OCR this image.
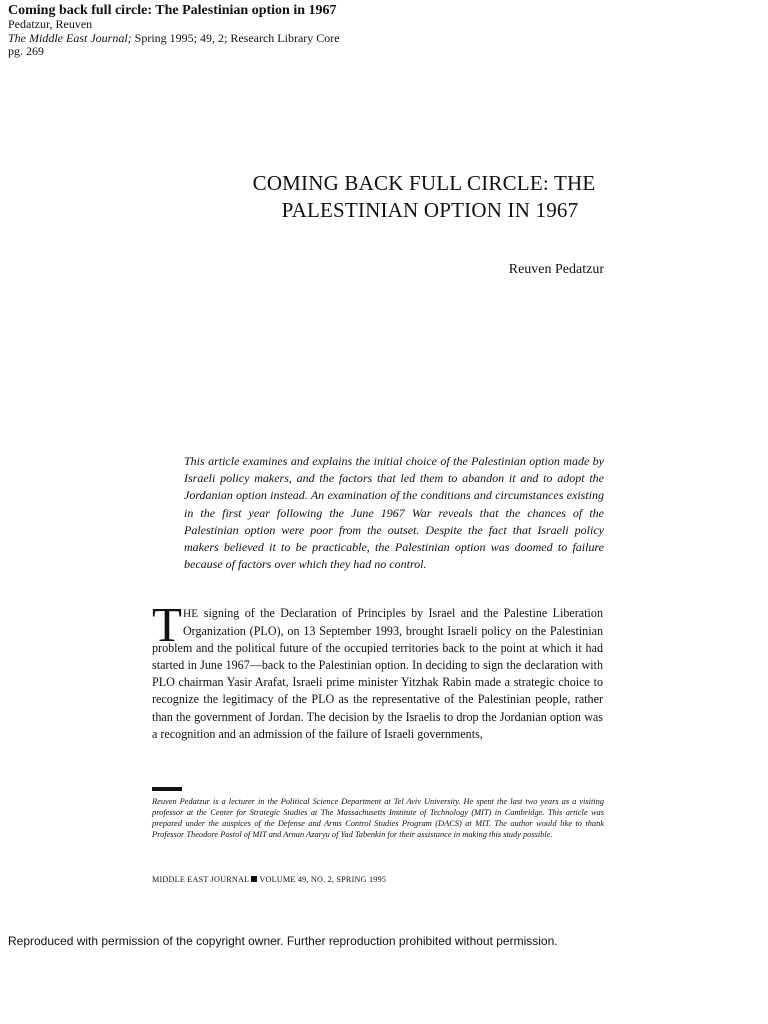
Coming back full circle: The Palestinian option in 1967
Pedatzur, Reuven
The Middle East Journal; Spring 1995; 49, 2; Research Library Core
pg. 269
COMING BACK FULL CIRCLE: THE
PALESTINIAN OPTION IN 1967
Reuven Pedatzur
This article examines and explains the initial choice of the Palestinian option made by Israeli policy makers, and the factors that led them to abandon it and to adopt the Jordanian option instead. An examination of the conditions and circumstances existing in the first year following the June 1967 War reveals that the chances of the Palestinian option were poor from the outset. Despite the fact that Israeli policy makers believed it to be practicable, the Palestinian option was doomed to failure because of factors over which they had no control.
THE signing of the Declaration of Principles by Israel and the Palestine Liberation Organization (PLO), on 13 September 1993, brought Israeli policy on the Palestinian problem and the political future of the occupied territories back to the point at which it had started in June 1967—back to the Palestinian option. In deciding to sign the declaration with PLO chairman Yasir Arafat, Israeli prime minister Yitzhak Rabin made a strategic choice to recognize the legitimacy of the PLO as the representative of the Palestinian people, rather than the government of Jordan. The decision by the Israelis to drop the Jordanian option was a recognition and an admission of the failure of Israeli governments,
Reuven Pedatzur is a lecturer in the Political Science Department at Tel Aviv University. He spent the last two years as a visiting professor at the Center for Strategic Studies at The Massachusetts Institute of Technology (MIT) in Cambridge. This article was prepared under the auspices of the Defense and Arms Control Studies Program (DACS) at MIT. The author would like to thank Professor Theodore Postol of MIT and Arnan Azaryu of Yad Tabenkin for their assistance in making this study possible.
MIDDLE EAST JOURNAL VOLUME 49, NO. 2, SPRING 1995
Reproduced with permission of the copyright owner. Further reproduction prohibited without permission.
